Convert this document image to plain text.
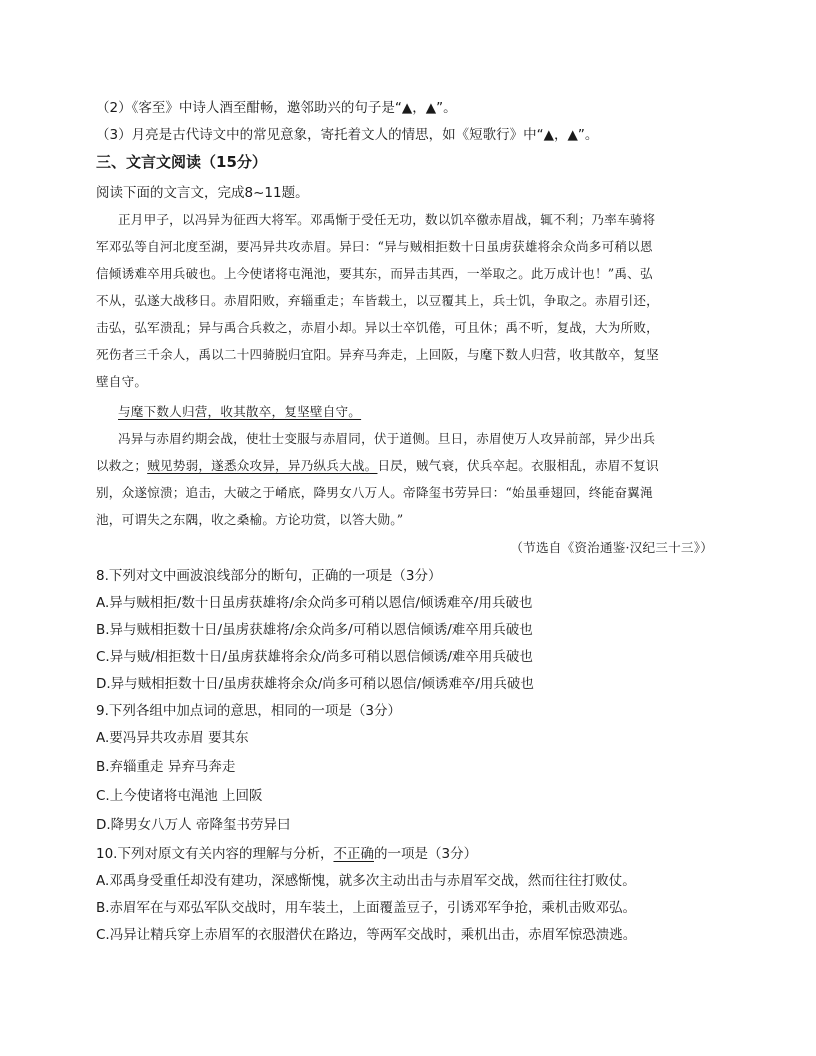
（2）《客至》中诗人酒至酣畅，邀邻助兴的句子是“▲，▲”。
（3）月亮是古代诗文中的常见意象，寄托着文人的情思，如《短歌行》中“▲，▲”。
三、文言文阅读（15分）
阅读下面的文言文，完成8~11题。
正月甲子，以冯异为征西大将军。邓禹惭于受任无功，数以饥卒徼赤眉战，辄不利；乃率车骑将
军邓弘等自河北度至湖，要冯异共攻赤眉。异曰：“异与贼相拒数十日虽虏获雄将余众尚多可稍以恩
信倾诱难卒用兵破也。上今使诸将屯渑池，要其东，而异击其西，一举取之。此万成计也！”禹、弘
不从，弘遂大战移日。赤眉阳败，弃辎重走；车皆载土，以豆覆其上，兵士饥，争取之。赤眉引还，
击弘，弘军溃乱；异与禹合兵救之，赤眉小却。异以士卒饥倦，可且休；禹不听，复战，大为所败，
死伤者三千余人，禹以二十四骑脱归宜阳。异弃马奔走，上回阪，与麾下数人归营，收其散卒，复坚
壁自守。
与麾下数人归营，收其散卒，复坚壁自守。
冯异与赤眉约期会战，使壮士变服与赤眉同，伏于道侧。旦日，赤眉使万人攻异前部，异少出兵
以救之；贼见势弱，遂悉众攻异，异乃纵兵大战。日昃，贼气衰，伏兵卒起。衣服相乱，赤眉不复识
别，众遂惊溃；追击，大破之于崤底，降男女八万人。帝降玺书劳异曰：“始虽垂翅回，终能奋翼渑
池，可谓失之东隅，收之桑榆。方论功赏，以答大勋。”
（节选自《资治通鉴·汉纪三十三》）
8.下列对文中画波浪线部分的断句，正确的一项是（3分）
A.异与贼相拒/数十日虽虏获雄将/余众尚多可稍以恩信/倾诱难卒/用兵破也
B.异与贼相拒数十日/虽虏获雄将/余众尚多/可稍以恩信倾诱/难卒用兵破也
C.异与贼/相拒数十日/虽虏获雄将余众/尚多可稍以恩信倾诱/难卒用兵破也
D.异与贼相拒数十日/虽虏获雄将余众/尚多可稍以恩信/倾诱难卒/用兵破也
9.下列各组中加点词的意思，相同的一项是（3分）
A.要冯异共攻赤眉 要其东
B.弃辎重走 异弃马奔走
C.上今使诸将屯渑池 上回阪
D.降男女八万人 帝降玺书劳异曰
10.下列对原文有关内容的理解与分析，不正确的一项是（3分）
A.邓禹身受重任却没有建功，深感惭愧，就多次主动出击与赤眉军交战，然而往往打败仗。
B.赤眉军在与邓弘军队交战时，用车装土，上面覆盖豆子，引诱邓军争抢，乘机击败邓弘。
C.冯异让精兵穿上赤眉军的衣服潜伏在路边，等两军交战时，乘机出击，赤眉军惊恐溃逃。
